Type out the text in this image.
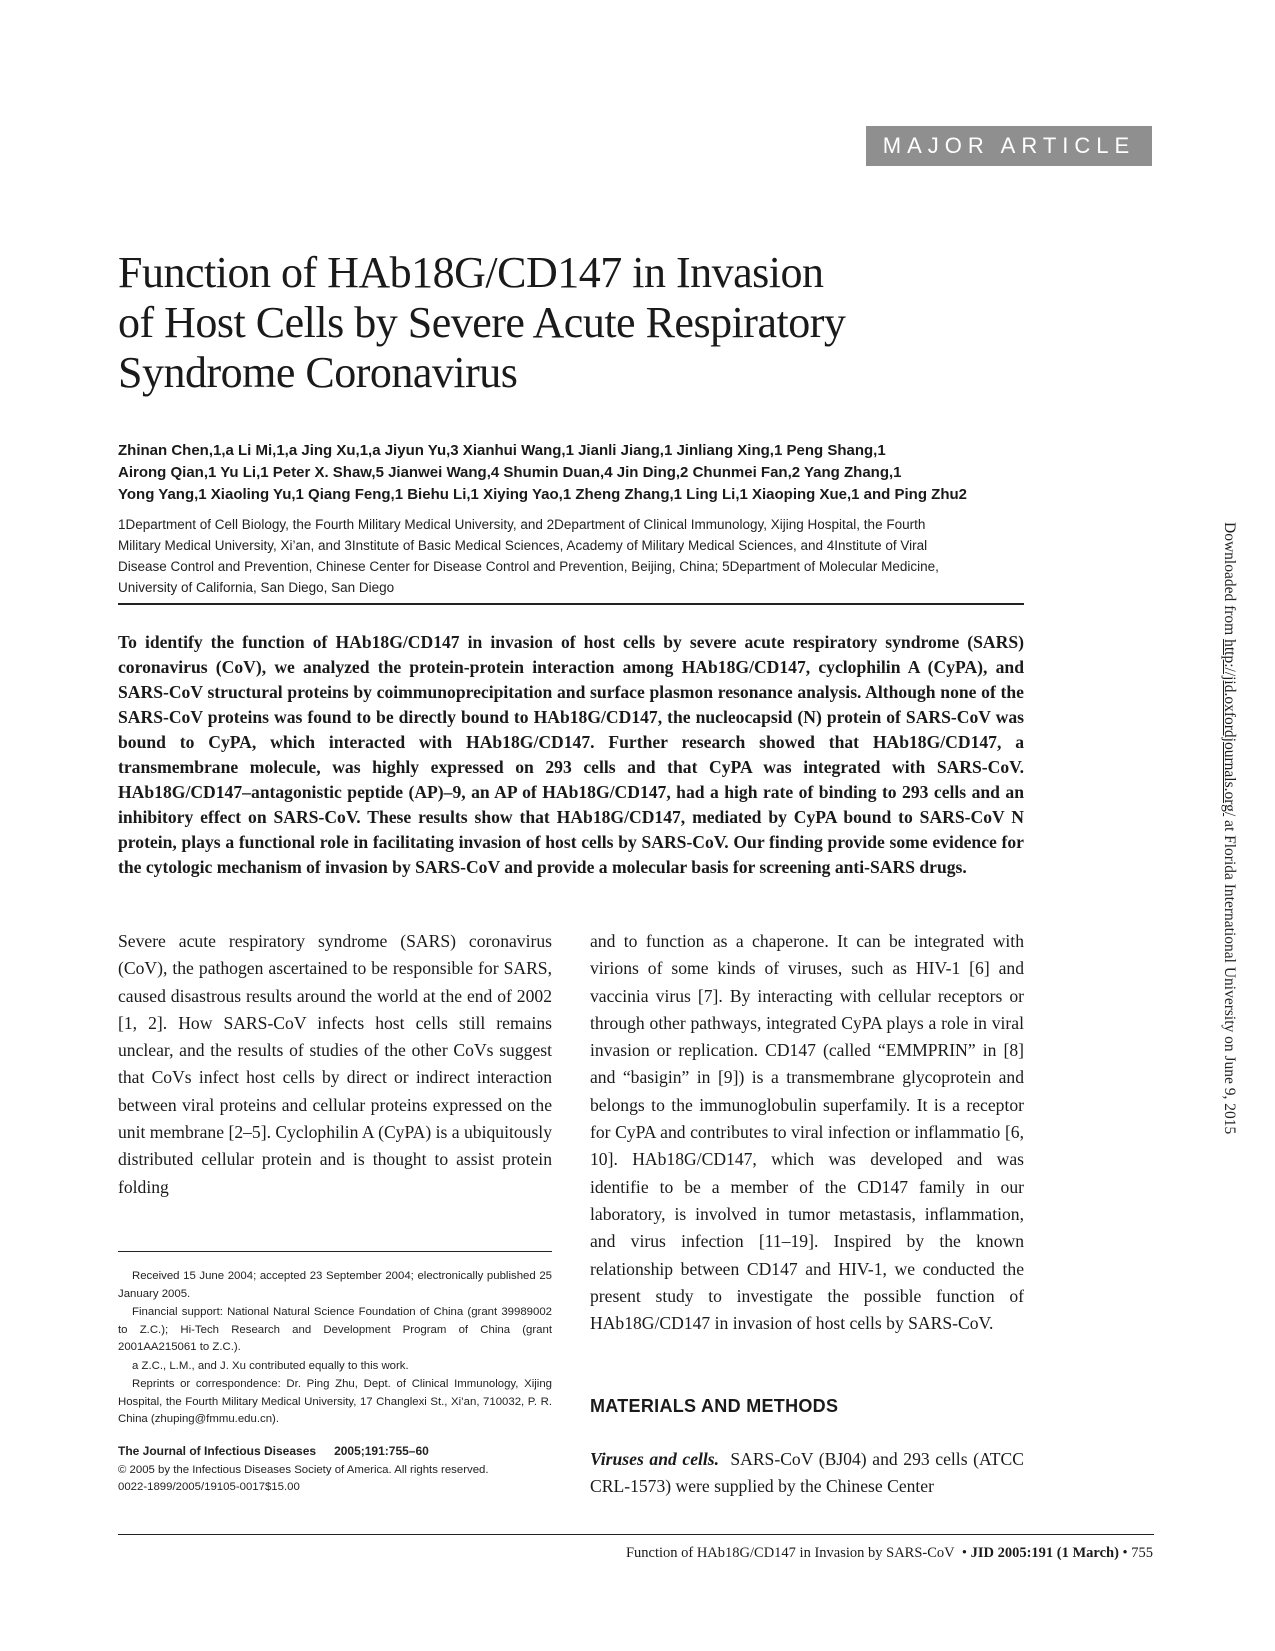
MAJOR ARTICLE
Function of HAb18G/CD147 in Invasion
of Host Cells by Severe Acute Respiratory
Syndrome Coronavirus
Zhinan Chen,1,a Li Mi,1,a Jing Xu,1,a Jiyun Yu,3 Xianhui Wang,1 Jianli Jiang,1 Jinliang Xing,1 Peng Shang,1
Airong Qian,1 Yu Li,1 Peter X. Shaw,5 Jianwei Wang,4 Shumin Duan,4 Jin Ding,2 Chunmei Fan,2 Yang Zhang,1
Yong Yang,1 Xiaoling Yu,1 Qiang Feng,1 Biehu Li,1 Xiying Yao,1 Zheng Zhang,1 Ling Li,1 Xiaoping Xue,1 and Ping Zhu2
1Department of Cell Biology, the Fourth Military Medical University, and 2Department of Clinical Immunology, Xijing Hospital, the Fourth
Military Medical University, Xi’an, and 3Institute of Basic Medical Sciences, Academy of Military Medical Sciences, and 4Institute of Viral
Disease Control and Prevention, Chinese Center for Disease Control and Prevention, Beijing, China; 5Department of Molecular Medicine,
University of California, San Diego, San Diego

To identify the function of HAb18G/CD147 in invasion of host cells by severe acute respiratory syndrome (SARS) coronavirus (CoV), we analyzed the protein-protein interaction among HAb18G/CD147, cyclophilin A (CyPA), and SARS-CoV structural proteins by coimmunoprecipitation and surface plasmon resonance analysis. Although none of the SARS-CoV proteins was found to be directly bound to HAb18G/CD147, the nucleocapsid (N) protein of SARS-CoV was bound to CyPA, which interacted with HAb18G/CD147. Further research showed that HAb18G/CD147, a transmembrane molecule, was highly expressed on 293 cells and that CyPA was integrated with SARS-CoV. HAb18G/CD147–antagonistic peptide (AP)–9, an AP of HAb18G/CD147, had a high rate of binding to 293 cells and an inhibitory effect on SARS-CoV. These results show that HAb18G/CD147, mediated by CyPA bound to SARS-CoV N protein, plays a functional role in facilitating invasion of host cells by SARS-CoV. Our finding provide some evidence for the cytologic mechanism of invasion by SARS-CoV and provide a molecular basis for screening anti-SARS drugs.

Severe acute respiratory syndrome (SARS) coronavirus (CoV), the pathogen ascertained to be responsible for SARS, caused disastrous results around the world at the end of 2002 [1, 2]. How SARS-CoV infects host cells still remains unclear, and the results of studies of the other CoVs suggest that CoVs infect host cells by direct or indirect interaction between viral proteins and cellular proteins expressed on the unit membrane [2–5]. Cyclophilin A (CyPA) is a ubiquitously distributed cellular protein and is thought to assist protein folding

and to function as a chaperone. It can be integrated with virions of some kinds of viruses, such as HIV-1 [6] and vaccinia virus [7]. By interacting with cellular receptors or through other pathways, integrated CyPA plays a role in viral invasion or replication. CD147 (called “EMMPRIN” in [8] and “basigin” in [9]) is a transmembrane glycoprotein and belongs to the immunoglobulin superfamily. It is a receptor for CyPA and contributes to viral infection or inflammatio [6, 10]. HAb18G/CD147, which was developed and was identifie to be a member of the CD147 family in our laboratory, is involved in tumor metastasis, inflammation, and virus infection [11–19]. Inspired by the known relationship between CD147 and HIV-1, we conducted the present study to investigate the possible function of HAb18G/CD147 in invasion of host cells by SARS-CoV.

MATERIALS AND METHODS

Viruses and cells. SARS-CoV (BJ04) and 293 cells (ATCC CRL-1573) were supplied by the Chinese Center

Received 15 June 2004; accepted 23 September 2004; electronically published 25 January 2005.

Financial support: National Natural Science Foundation of China (grant 39989002 to Z.C.); Hi-Tech Research and Development Program of China (grant 2001AA215061 to Z.C.).

a Z.C., L.M., and J. Xu contributed equally to this work.

Reprints or correspondence: Dr. Ping Zhu, Dept. of Clinical Immunology, Xijing Hospital, the Fourth Military Medical University, 17 Changlexi St., Xi’an, 710032, P. R. China (zhuping@fmmu.edu.cn).

The Journal of Infectious Diseases 2005;191:755–60
© 2005 by the Infectious Diseases Society of America. All rights reserved.
0022-1899/2005/19105-0017$15.00
Function of HAb18G/CD147 in Invasion by SARS-CoV  • JID 2005:191 (1 March) • 755
Downloaded from http://jid.oxfordjournals.org/ at Florida International University on June 9, 2015
